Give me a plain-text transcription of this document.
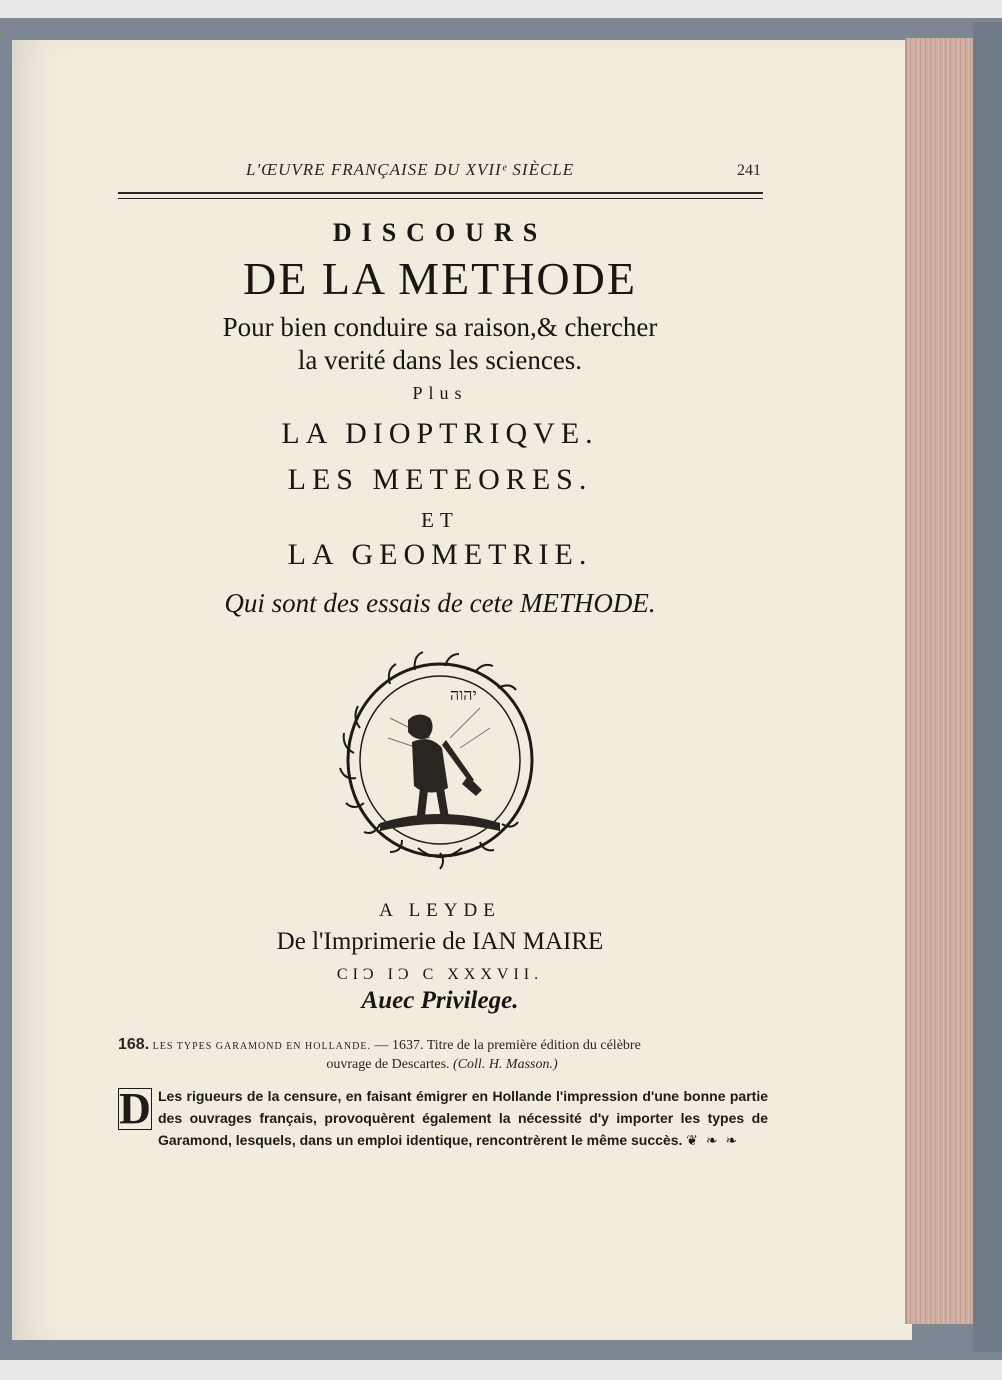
L'ŒUVRE FRANÇAISE DU XVIIᵉ SIÈCLE	241
DISCOURS
DE LA METHODE
Pour bien conduire sa raison,& chercher
la verité dans les sciences.
Plus
LA DIOPTRIQVE.
LES METEORES.
ET
LA GEOMETRIE.
Qui sont des essais de cete METHODE.
יהוה
A LEYDE
De l'Imprimerie de IAN MAIRE
CIƆ IƆ C XXXVII.
Auec Privilege.
168. LES TYPES GARAMOND EN HOLLANDE. — 1637. Titre de la première édition du célèbre
ouvrage de Descartes. (Coll. H. Masson.)
D Les rigueurs de la censure, en faisant émigrer en Hollande l'impression d'une bonne partie des ouvrages français, provoquèrent également la nécessité d'y importer les types de Garamond, lesquels, dans un emploi identique, rencontrèrent le même succès. ❦ ❧ ❧
